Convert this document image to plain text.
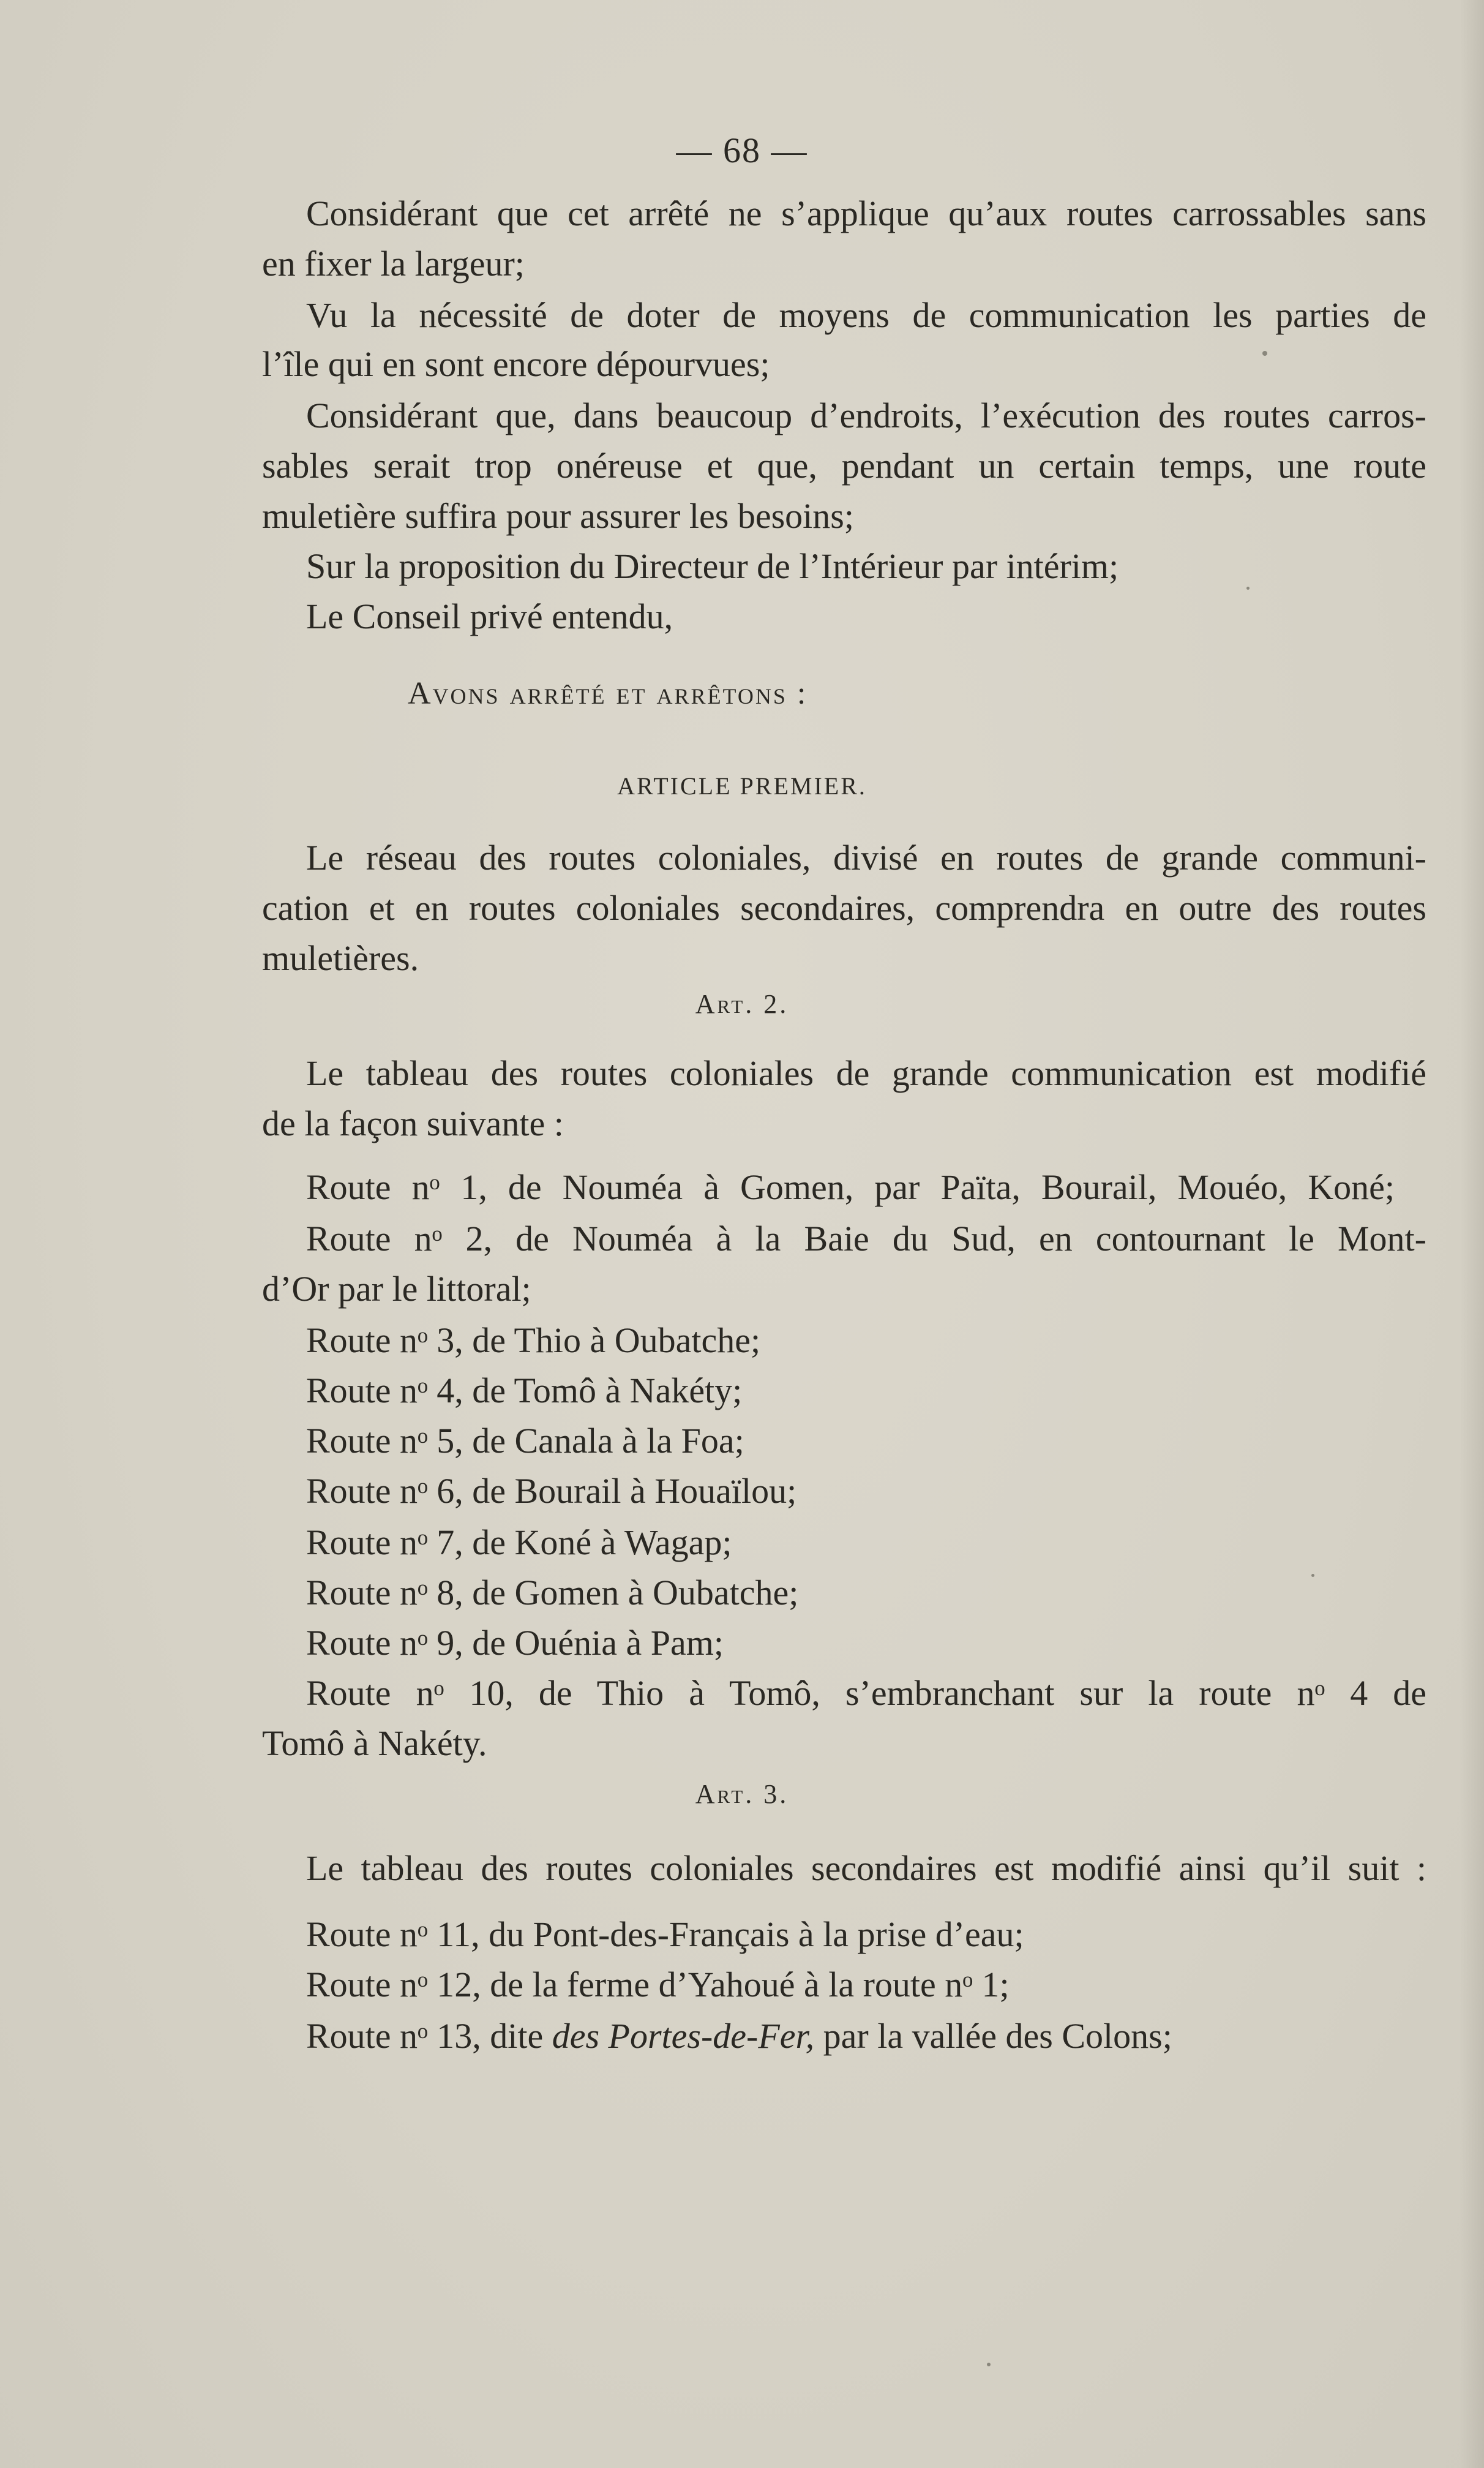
— 68 —
Considérant que cet arrêté ne s’applique qu’aux routes carrossables sans
en fixer la largeur;
Vu la nécessité de doter de moyens de communication les parties de
l’île qui en sont encore dépourvues;
Considérant que, dans beaucoup d’endroits, l’exécution des routes carros-
sables serait trop onéreuse et que, pendant un certain temps, une route
muletière suffira pour assurer les besoins;
Sur la proposition du Directeur de l’Intérieur par intérim;
Le Conseil privé entendu,
Avons arrêté et arrêtons :
ARTICLE PREMIER.
Le réseau des routes coloniales, divisé en routes de grande communi-
cation et en routes coloniales secondaires, comprendra en outre des routes
muletières.
Art. 2.
Le tableau des routes coloniales de grande communication est modifié
de la façon suivante :
Route nᵒ 1, de Nouméa à Gomen, par Païta, Bourail, Mouéo, Koné;
Route nᵒ 2, de Nouméa à la Baie du Sud, en contournant le Mont-
d’Or par le littoral;
Route nᵒ 3, de Thio à Oubatche;
Route nᵒ 4, de Tomô à Nakéty;
Route nᵒ 5, de Canala à la Foa;
Route nᵒ 6, de Bourail à Houaïlou;
Route nᵒ 7, de Koné à Wagap;
Route nᵒ 8, de Gomen à Oubatche;
Route nᵒ 9, de Ouénia à Pam;
Route nᵒ 10, de Thio à Tomô, s’embranchant sur la route nᵒ 4 de
Tomô à Nakéty.
Art. 3.
Le tableau des routes coloniales secondaires est modifié ainsi qu’il suit :
Route nᵒ 11, du Pont-des-Français à la prise d’eau;
Route nᵒ 12, de la ferme d’Yahoué à la route nᵒ 1;
Route nᵒ 13, dite des Portes-de-Fer, par la vallée des Colons;
